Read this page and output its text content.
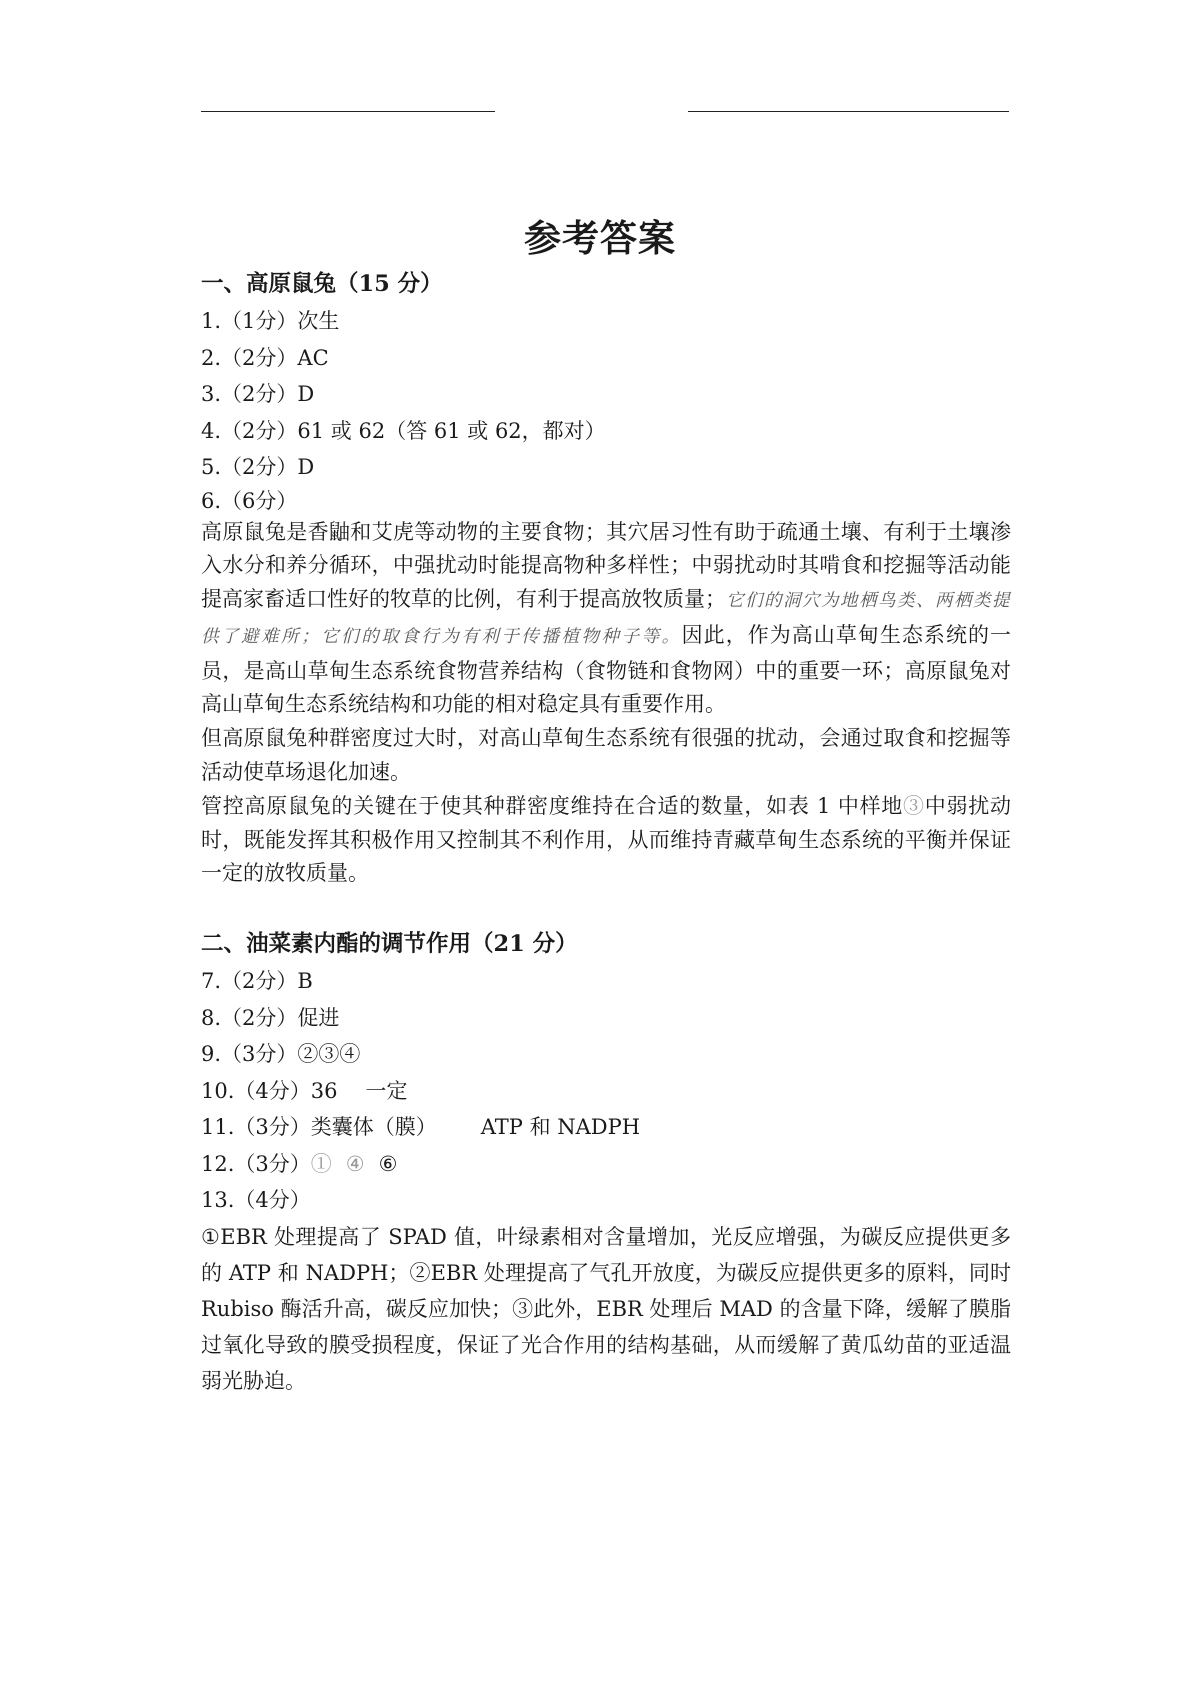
参考答案
一、高原鼠兔（15 分）
1.（1分）次生
2.（2分）AC
3.（2分）D
4.（2分）61 或 62（答 61 或 62，都对）
5.（2分）D
6.（6分）

高原鼠兔是香鼬和艾虎等动物的主要食物；其穴居习性有助于疏通土壤、有利于土壤渗入水分和养分循环，中强扰动时能提高物种多样性；中弱扰动时其啃食和挖掘等活动能提高家畜适口性好的牧草的比例，有利于提高放牧质量；它们的洞穴为地栖鸟类、两栖类提供了避难所；它们的取食行为有利于传播植物种子等。因此，作为高山草甸生态系统的一员，是高山草甸生态系统食物营养结构（食物链和食物网）中的重要一环；高原鼠兔对高山草甸生态系统结构和功能的相对稳定具有重要作用。

但高原鼠兔种群密度过大时，对高山草甸生态系统有很强的扰动，会通过取食和挖掘等活动使草场退化加速。

管控高原鼠兔的关键在于使其种群密度维持在合适的数量，如表 1 中样地③中弱扰动时，既能发挥其积极作用又控制其不利作用，从而维持青藏草甸生态系统的平衡并保证一定的放牧质量。

二、油菜素内酯的调节作用（21 分）
7.（2分）B
8.（2分）促进
9.（3分）②③④
10.（4分）36 一定
11.（3分）类囊体（膜） ATP 和 NADPH
12.（3分）① ④ ⑥
13.（4分）

①EBR 处理提高了 SPAD 值，叶绿素相对含量增加，光反应增强，为碳反应提供更多的 ATP 和 NADPH；②EBR 处理提高了气孔开放度，为碳反应提供更多的原料，同时 Rubiso 酶活升高，碳反应加快；③此外，EBR 处理后 MAD 的含量下降，缓解了膜脂过氧化导致的膜受损程度，保证了光合作用的结构基础，从而缓解了黄瓜幼苗的亚适温弱光胁迫。
